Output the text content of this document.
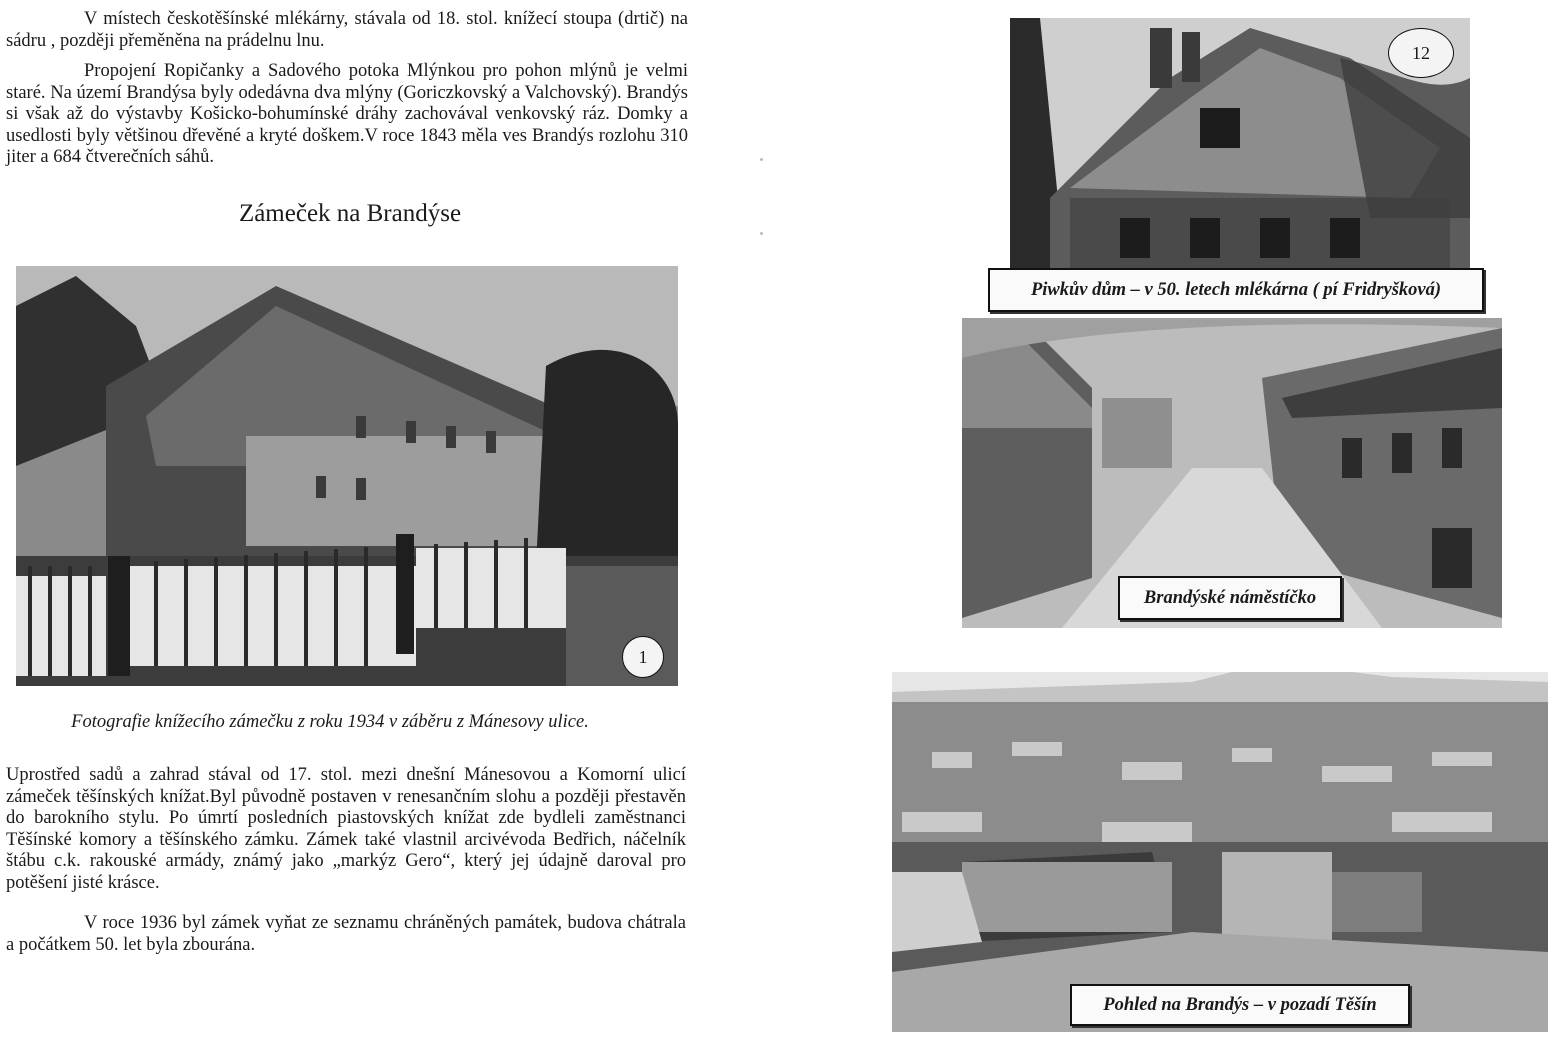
V místech českotěšínské mlékárny, stávala od 18. stol. knížecí stoupa (drtič) na sádru , později přeměněna na prádelnu lnu.

Propojení Ropičanky a Sadového potoka Mlýnkou pro pohon mlýnů je velmi staré. Na území Brandýsa byly odedávna dva mlýny (Goriczkovský a Valchovský). Brandýs si však až do výstavby Košicko-bohumínské dráhy zachovával venkovský ráz. Domky a usedlosti byly většinou dřevěné a kryté doškem.V roce 1843 měla ves Brandýs rozlohu 310 jiter a 684 čtverečních sáhů.

Zámeček na Brandýse
1
Fotografie knížecího zámečku z roku 1934 v záběru z Mánesovy ulice.

Uprostřed sadů a zahrad stával od 17. stol. mezi dnešní Mánesovou a Komorní ulicí zámeček těšínských knížat.Byl původně postaven v renesančním slohu a později přestavěn do barokního stylu. Po úmrtí posledních piastovských knížat zde bydleli zaměstnanci Těšínské komory a těšínského zámku. Zámek také vlastnil arcivévoda Bedřich, náčelník štábu c.k. rakouské armády, známý jako „markýz Gero“, který jej údajně daroval pro potěšení jisté krásce.

V roce 1936 byl zámek vyňat ze seznamu chráněných památek, budova chátrala a počátkem 50. let byla zbourána.

12
Piwkův dům – v 50. letech mlékárna ( pí Fridryšková)
Brandýské náměstíčko
Pohled na Brandýs – v pozadí Těšín
